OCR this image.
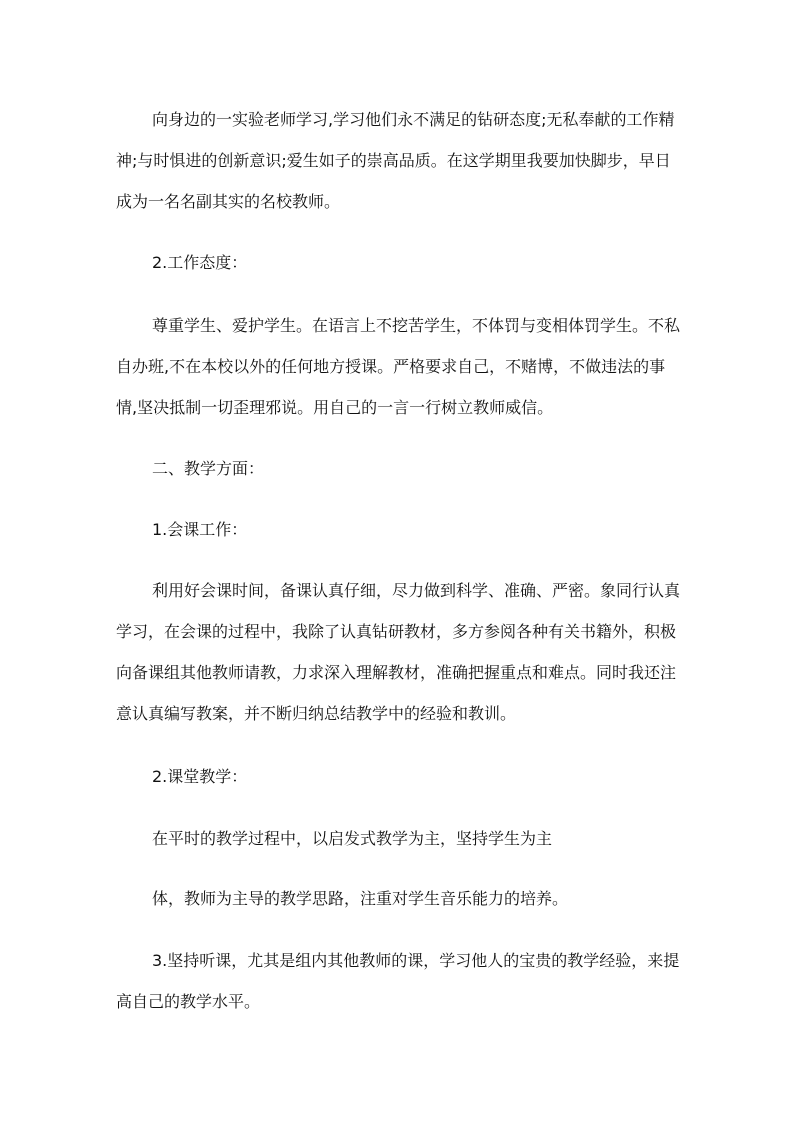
向身边的一实验老师学习,学习他们永不满足的钻研态度;无私奉献的工作精
神;与时惧进的创新意识;爱生如子的崇高品质。在这学期里我要加快脚步，早日
成为一名名副其实的名校教师。
2.工作态度：
尊重学生、爱护学生。在语言上不挖苦学生，不体罚与变相体罚学生。不私
自办班,不在本校以外的任何地方授课。严格要求自己，不赌博，不做违法的事
情,坚决抵制一切歪理邪说。用自己的一言一行树立教师威信。
二、教学方面：
1.会课工作：
利用好会课时间，备课认真仔细，尽力做到科学、准确、严密。象同行认真
学习，在会课的过程中，我除了认真钻研教材，多方参阅各种有关书籍外，积极
向备课组其他教师请教，力求深入理解教材，准确把握重点和难点。同时我还注
意认真编写教案，并不断归纳总结教学中的经验和教训。
2.课堂教学：
在平时的教学过程中，以启发式教学为主，坚持学生为主
体，教师为主导的教学思路，注重对学生音乐能力的培养。
3.坚持听课，尤其是组内其他教师的课，学习他人的宝贵的教学经验，来提
高自己的教学水平。
